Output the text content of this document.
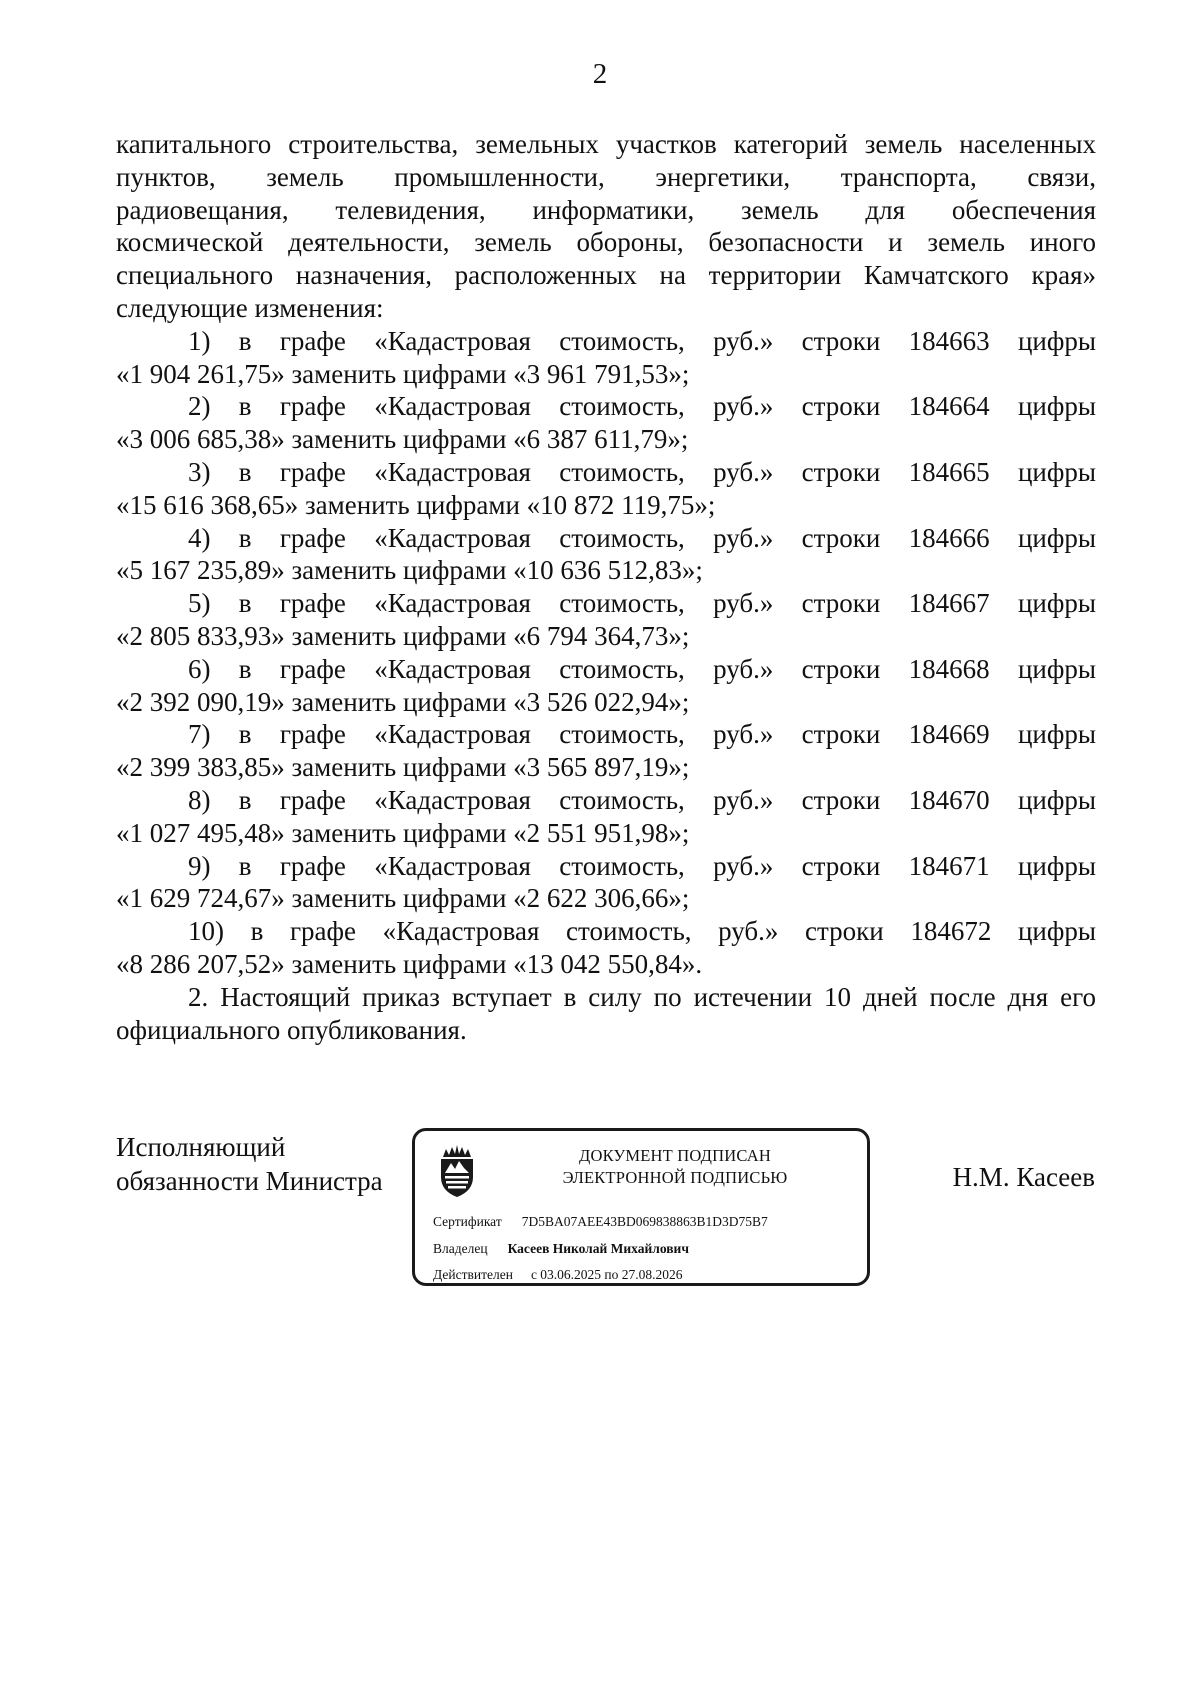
2

капитального строительства, земельных участков категорий земель населенных

пунктов, земель промышленности, энергетики, транспорта, связи,

радиовещания, телевидения, информатики, земель для обеспечения

космической деятельности, земель обороны, безопасности и земель иного

специального назначения, расположенных на территории Камчатского края»

следующие изменения:

1) в графе «Кадастровая стоимость, руб.» строки 184663 цифры
«1 904 261,75» заменить цифрами «3 961 791,53»;
2) в графе «Кадастровая стоимость, руб.» строки 184664 цифры
«3 006 685,38» заменить цифрами «6 387 611,79»;
3) в графе «Кадастровая стоимость, руб.» строки 184665 цифры
«15 616 368,65» заменить цифрами «10 872 119,75»;
4) в графе «Кадастровая стоимость, руб.» строки 184666 цифры
«5 167 235,89» заменить цифрами «10 636 512,83»;
5) в графе «Кадастровая стоимость, руб.» строки 184667 цифры
«2 805 833,93» заменить цифрами «6 794 364,73»;
6) в графе «Кадастровая стоимость, руб.» строки 184668 цифры
«2 392 090,19» заменить цифрами «3 526 022,94»;
7) в графе «Кадастровая стоимость, руб.» строки 184669 цифры
«2 399 383,85» заменить цифрами «3 565 897,19»;
8) в графе «Кадастровая стоимость, руб.» строки 184670 цифры
«1 027 495,48» заменить цифрами «2 551 951,98»;
9) в графе «Кадастровая стоимость, руб.» строки 184671 цифры
«1 629 724,67» заменить цифрами «2 622 306,66»;
10) в графе «Кадастровая стоимость, руб.» строки 184672 цифры
«8 286 207,52» заменить цифрами «13 042 550,84».
2. Настоящий приказ вступает в силу по истечении 10 дней после дня его
официального опубликования.
Исполняющий
обязанности Министра
ДОКУМЕНТ ПОДПИСАН
ЭЛЕКТРОННОЙ ПОДПИСЬЮ
Сертификат 7D5BA07AEE43BD069838863B1D3D75B7
Владелец Касеев Николай Михайлович
Действителен с 03.06.2025 по 27.08.2026
Н.М. Касеев
